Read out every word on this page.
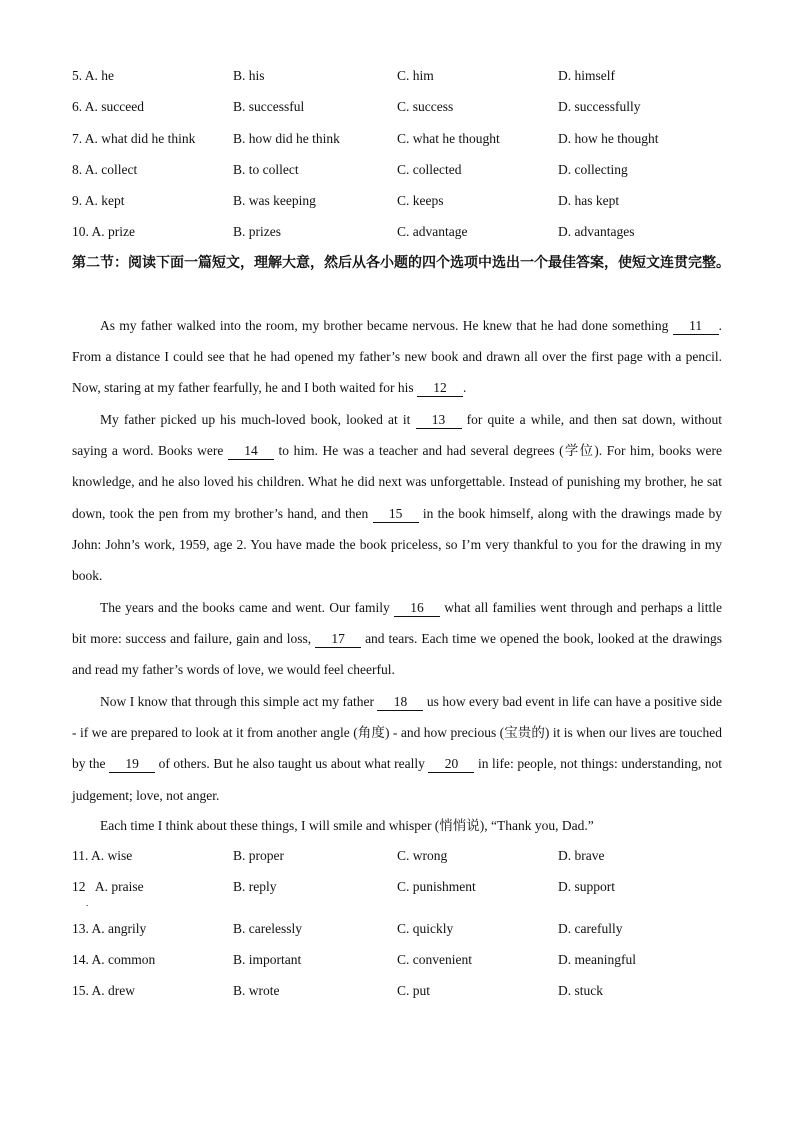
5. A. he	B. his	C. him	D. himself
6. A. succeed	B. successful	C. success	D. successfully
7. A. what did he think	B. how did he think	C. what he thought	D. how he thought
8. A. collect	B. to collect	C. collected	D. collecting
9. A. kept	B. was keeping	C. keeps	D. has kept
10. A. prize	B. prizes	C. advantage	D. advantages
第二节：阅读下面一篇短文，理解大意，然后从各小题的四个选项中选出一个最佳答案，使短文连贯完整。

As my father walked into the room, my brother became nervous. He knew that he had done something 11 . From a distance I could see that he had opened my father’s new book and drawn all over the first page with a pencil. Now, staring at my father fearfully, he and I both waited for his 12 .

My father picked up his much-loved book, looked at it 13 for quite a while, and then sat down, without saying a word. Books were 14 to him. He was a teacher and had several degrees (学位). For him, books were knowledge, and he also loved his children. What he did next was unforgettable. Instead of punishing my brother, he sat down, took the pen from my brother’s hand, and then 15 in the book himself, along with the drawings made by John: John’s work, 1959, age 2. You have made the book priceless, so I’m very thankful to you for the drawing in my book.

The years and the books came and went. Our family 16 what all families went through and perhaps a little bit more: success and failure, gain and loss, 17 and tears. Each time we opened the book, looked at the drawings and read my father’s words of love, we would feel cheerful.

Now I know that through this simple act my father 18 us how every bad event in life can have a positive side - if we are prepared to look at it from another angle (角度) - and how precious (宝贵的) it is when our lives are touched by the 19 of others. But he also taught us about what really 20 in life: people, not things: understanding, not judgement; love, not anger.

Each time I think about these things, I will smile and whisper (悄悄说), “Thank you, Dad.”

11. A. wise	B. proper	C. wrong	D. brave
12   A. praise	B. reply	C. punishment	D. support
.
13. A. angrily	B. carelessly	C. quickly	D. carefully
14. A. common	B. important	C. convenient	D. meaningful
15. A. drew	B. wrote	C. put	D. stuck
